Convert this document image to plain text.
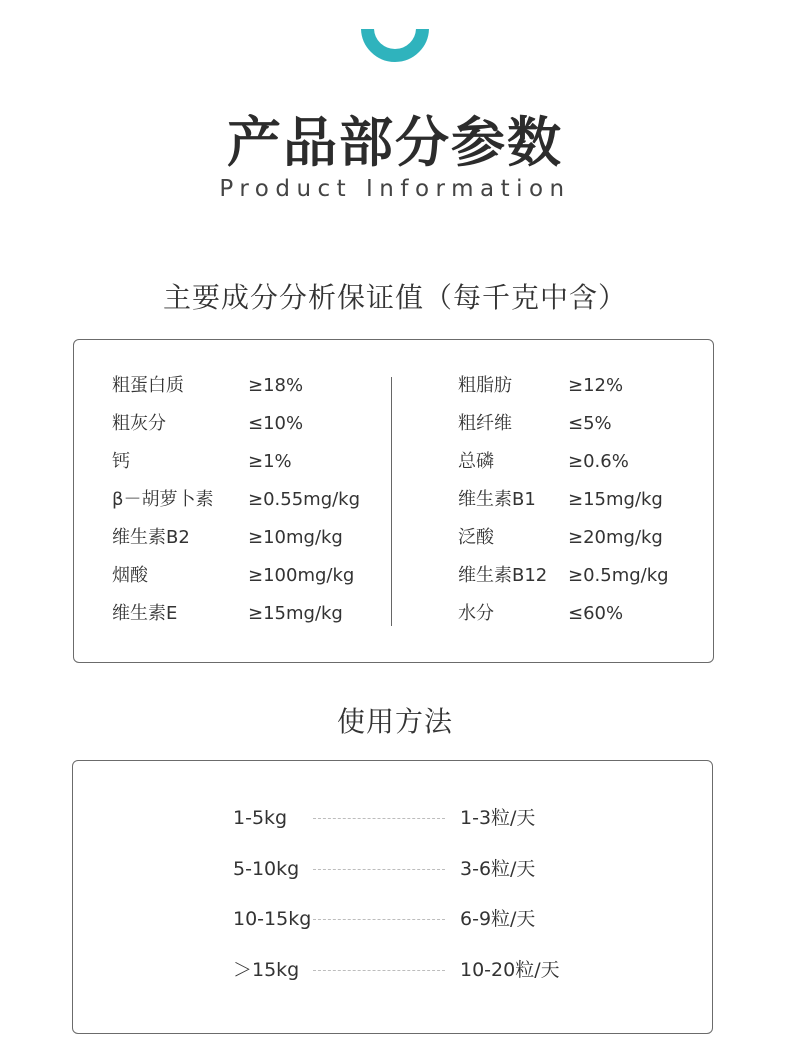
产品部分参数
Product Information
主要成分分析保证值（每千克中含）
粗蛋白质	≥18%
粗灰分	≤10%
钙	≥1%
β－胡萝卜素 ≥0.55mg/kg
维生素B2	≥10mg/kg
烟酸	≥100mg/kg
维生素E	≥15mg/kg
粗脂肪	≥12%
粗纤维	≤5%
总磷	≥0.6%
维生素B1 ≥15mg/kg
泛酸	≥20mg/kg
维生素B12 ≥0.5mg/kg
水分	≤60%
使用方法
1-5kg	1-3粒/天
5-10kg	3-6粒/天
10-15kg	6-9粒/天
＞15kg	10-20粒/天
